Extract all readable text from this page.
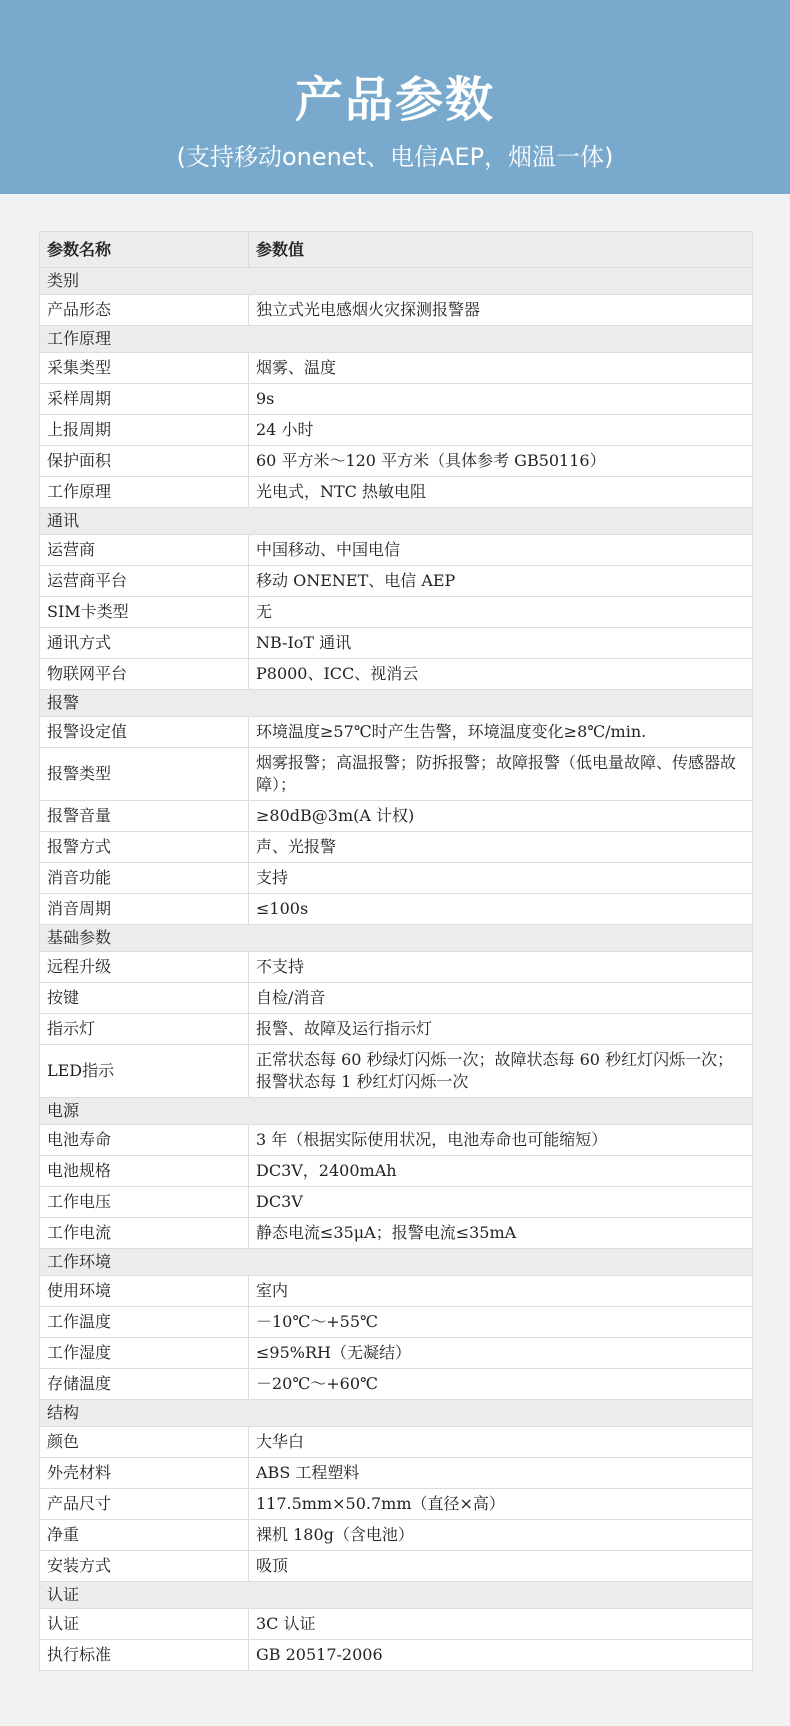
产品参数
(支持移动onenet、电信AEP，烟温一体)
参数名称	参数值
类别	
产品形态	独立式光电感烟火灾探测报警器
工作原理	
采集类型	烟雾、温度
采样周期	9s
上报周期	24 小时
保护面积	60 平方米～120 平方米（具体参考 GB50116）
工作原理	光电式，NTC 热敏电阻
通讯	
运营商	中国移动、中国电信
运营商平台	移动 ONENET、电信 AEP
SIM卡类型	无
通讯方式	NB-IoT 通讯
物联网平台	P8000、ICC、视消云
报警	
报警设定值	环境温度≥57℃时产生告警，环境温度变化≥8℃/min.
报警类型	烟雾报警；高温报警；防拆报警；故障报警（低电量故障、传感器故障）；
报警音量	≥80dB@3m(A 计权)
报警方式	声、光报警
消音功能	支持
消音周期	≤100s
基础参数	
远程升级	不支持
按键	自检/消音
指示灯	报警、故障及运行指示灯
LED指示	正常状态每 60 秒绿灯闪烁一次；故障状态每 60 秒红灯闪烁一次；报警状态每 1 秒红灯闪烁一次
电源	
电池寿命	3 年（根据实际使用状况，电池寿命也可能缩短）
电池规格	DC3V，2400mAh
工作电压	DC3V
工作电流	静态电流≤35μA；报警电流≤35mA
工作环境	
使用环境	室内
工作温度	－10℃～+55℃
工作湿度	≤95%RH（无凝结）
存储温度	－20℃～+60℃
结构	
颜色	大华白
外壳材料	ABS 工程塑料
产品尺寸	117.5mm×50.7mm（直径×高）
净重	裸机 180g（含电池）
安装方式	吸顶
认证	
认证	3C 认证
执行标准	GB 20517-2006
